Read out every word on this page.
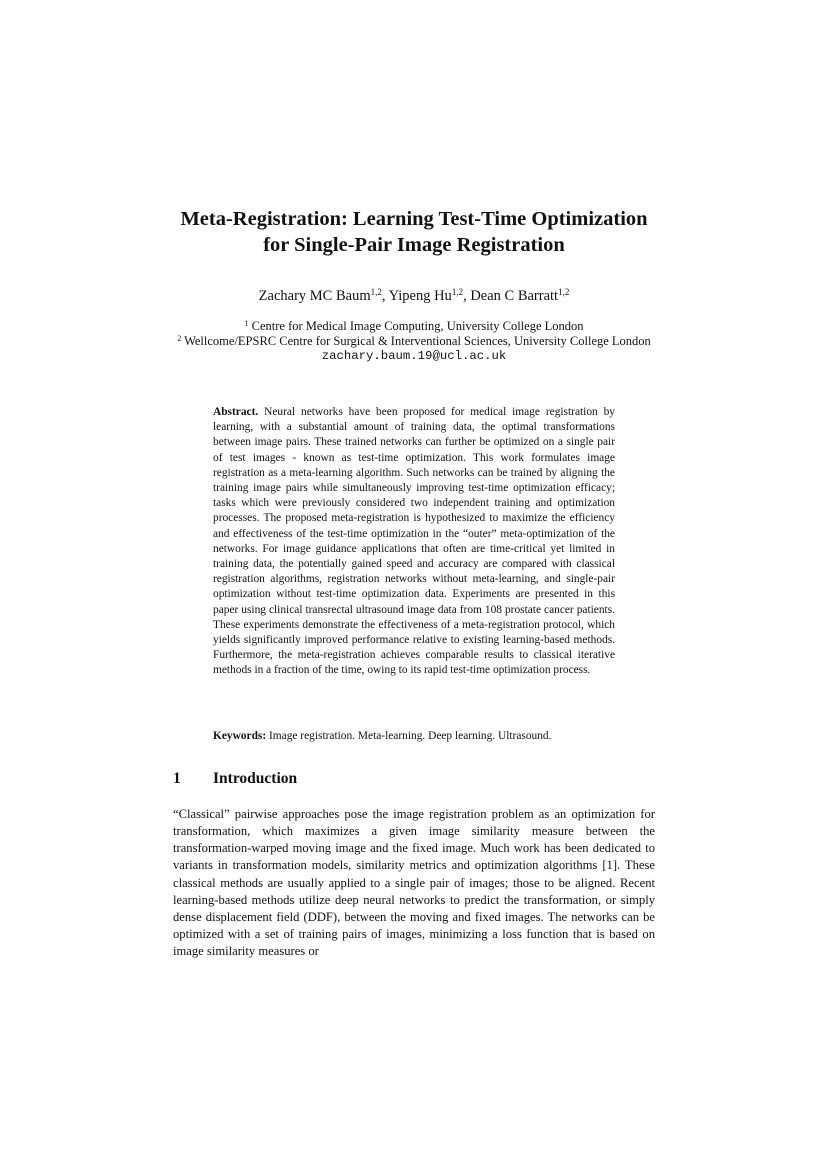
Meta-Registration: Learning Test-Time Optimization
for Single-Pair Image Registration
Zachary MC Baum$^{1,2}$, Yipeng Hu$^{1,2}$, Dean C Barratt$^{1,2}$
$^1$ Centre for Medical Image Computing, University College London
$^2$ Wellcome/EPSRC Centre for Surgical & Interventional Sciences, University College London
zachary.baum.19@ucl.ac.uk
Abstract. Neural networks have been proposed for medical image registration by learning, with a substantial amount of training data, the optimal transformations between image pairs. These trained networks can further be optimized on a single pair of test images - known as test-time optimization. This work formulates image registration as a meta-learning algorithm. Such networks can be trained by aligning the training image pairs while simultaneously improving test-time optimization efficacy; tasks which were previously considered two independent training and optimization processes. The proposed meta-registration is hypothesized to maximize the efficiency and effectiveness of the test-time optimization in the “outer” meta-optimization of the networks. For image guidance applications that often are time-critical yet limited in training data, the potentially gained speed and accuracy are compared with classical registration algorithms, registration networks without meta-learning, and single-pair optimization without test-time optimization data. Experiments are presented in this paper using clinical transrectal ultrasound image data from 108 prostate cancer patients. These experiments demonstrate the effectiveness of a meta-registration protocol, which yields significantly improved performance relative to existing learning-based methods. Furthermore, the meta-registration achieves comparable results to classical iterative methods in a fraction of the time, owing to its rapid test-time optimization process.
Keywords: Image registration. Meta-learning. Deep learning. Ultrasound.
1 Introduction
“Classical” pairwise approaches pose the image registration problem as an optimization for transformation, which maximizes a given image similarity measure between the transformation-warped moving image and the fixed image. Much work has been dedicated to variants in transformation models, similarity metrics and optimization algorithms [1]. These classical methods are usually applied to a single pair of images; those to be aligned. Recent learning-based methods utilize deep neural networks to predict the transformation, or simply dense displacement field (DDF), between the moving and fixed images. The networks can be optimized with a set of training pairs of images, minimizing a loss function that is based on image similarity measures or
